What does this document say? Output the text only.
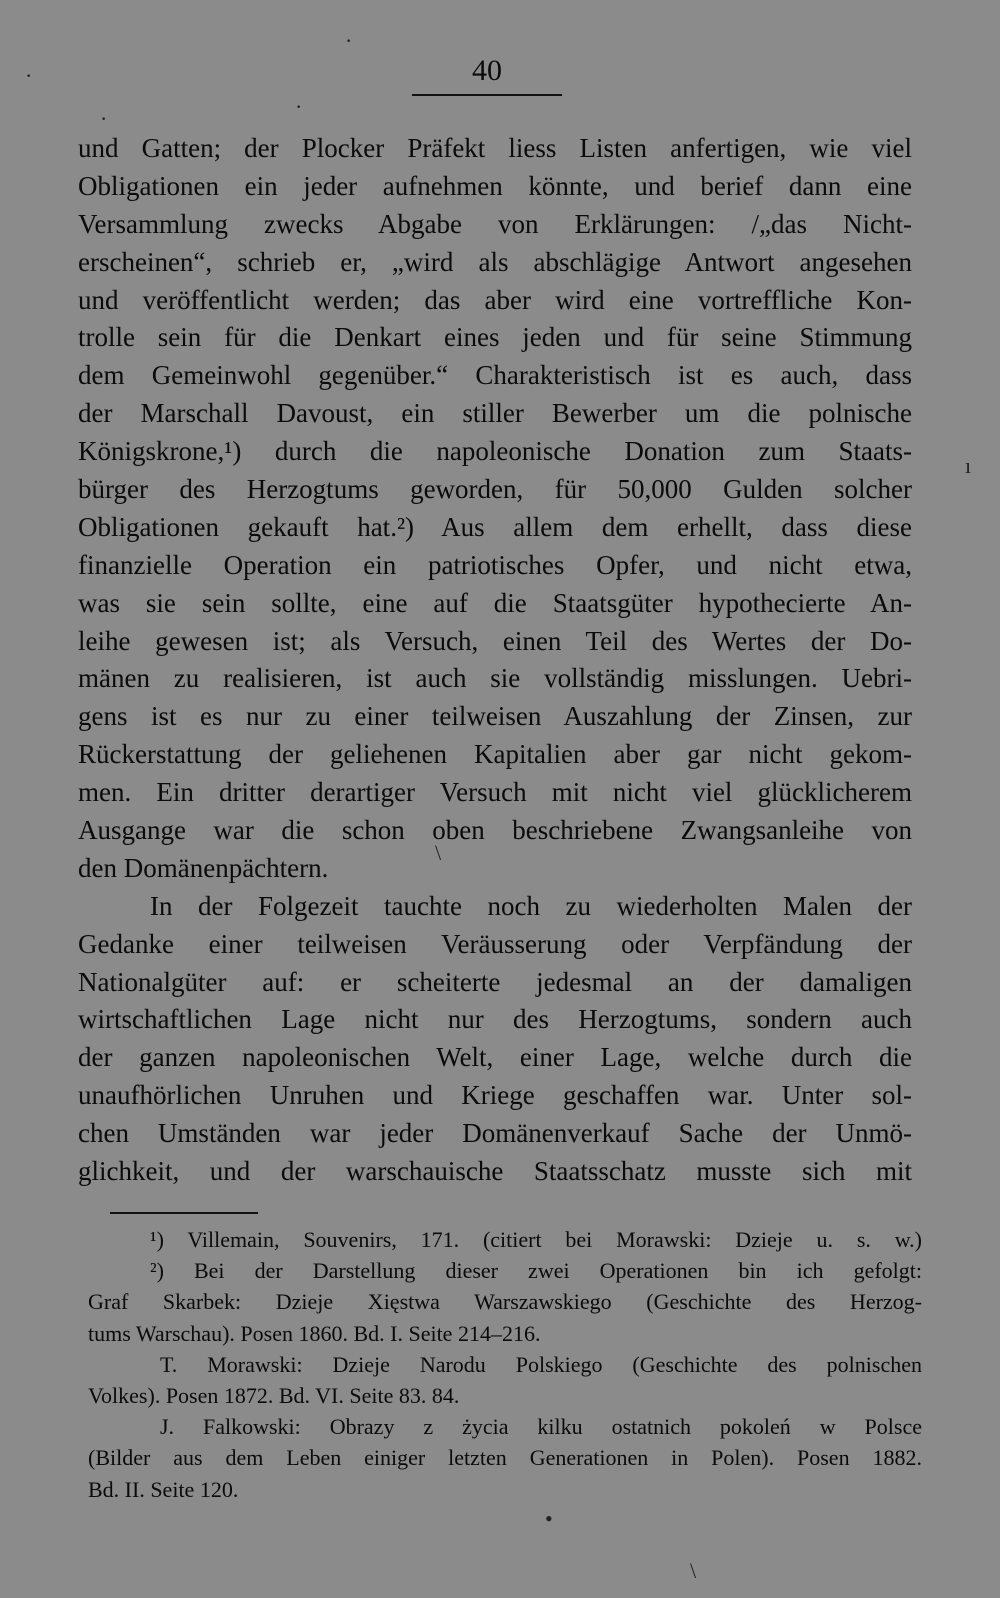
40
und Gatten; der Plocker Präfekt liess Listen anfertigen, wie viel
Obligationen ein jeder aufnehmen könnte, und berief dann eine
Versammlung zwecks Abgabe von Erklärungen: /„das Nicht-
erscheinen“, schrieb er, „wird als abschlägige Antwort angesehen
und veröffentlicht werden; das aber wird eine vortreffliche Kon-
trolle sein für die Denkart eines jeden und für seine Stimmung
dem Gemeinwohl gegenüber.“ Charakteristisch ist es auch, dass
der Marschall Davoust, ein stiller Bewerber um die polnische
Königskrone,¹) durch die napoleonische Donation zum Staats-
bürger des Herzogtums geworden, für 50,000 Gulden solcher
Obligationen gekauft hat.²) Aus allem dem erhellt, dass diese
finanzielle Operation ein patriotisches Opfer, und nicht etwa,
was sie sein sollte, eine auf die Staatsgüter hypothecierte An-
leihe gewesen ist; als Versuch, einen Teil des Wertes der Do-
mänen zu realisieren, ist auch sie vollständig misslungen. Uebri-
gens ist es nur zu einer teilweisen Auszahlung der Zinsen, zur
Rückerstattung der geliehenen Kapitalien aber gar nicht gekom-
men. Ein dritter derartiger Versuch mit nicht viel glücklicherem
Ausgange war die schon oben beschriebene Zwangsanleihe von
den Domänenpächtern.
In der Folgezeit tauchte noch zu wiederholten Malen der
Gedanke einer teilweisen Veräusserung oder Verpfändung der
Nationalgüter auf: er scheiterte jedesmal an der damaligen
wirtschaftlichen Lage nicht nur des Herzogtums, sondern auch
der ganzen napoleonischen Welt, einer Lage, welche durch die
unaufhörlichen Unruhen und Kriege geschaffen war. Unter sol-
chen Umständen war jeder Domänenverkauf Sache der Unmö-
glichkeit, und der warschauische Staatsschatz musste sich mit
¹) Villemain, Souvenirs, 171. (citiert bei Morawski: Dzieje u. s. w.)
²) Bei der Darstellung dieser zwei Operationen bin ich gefolgt:
Graf Skarbek: Dzieje Xięstwa Warszawskiego (Geschichte des Herzog-
tums Warschau). Posen 1860. Bd. I. Seite 214–216.
T. Morawski: Dzieje Narodu Polskiego (Geschichte des polnischen
Volkes). Posen 1872. Bd. VI. Seite 83. 84.
J. Falkowski: Obrazy z życia kilku ostatnich pokoleń w Polsce
(Bilder aus dem Leben einiger letzten Generationen in Polen). Posen 1882.
Bd. II. Seite 120.
·
·
·	·
ı
\
•
\
